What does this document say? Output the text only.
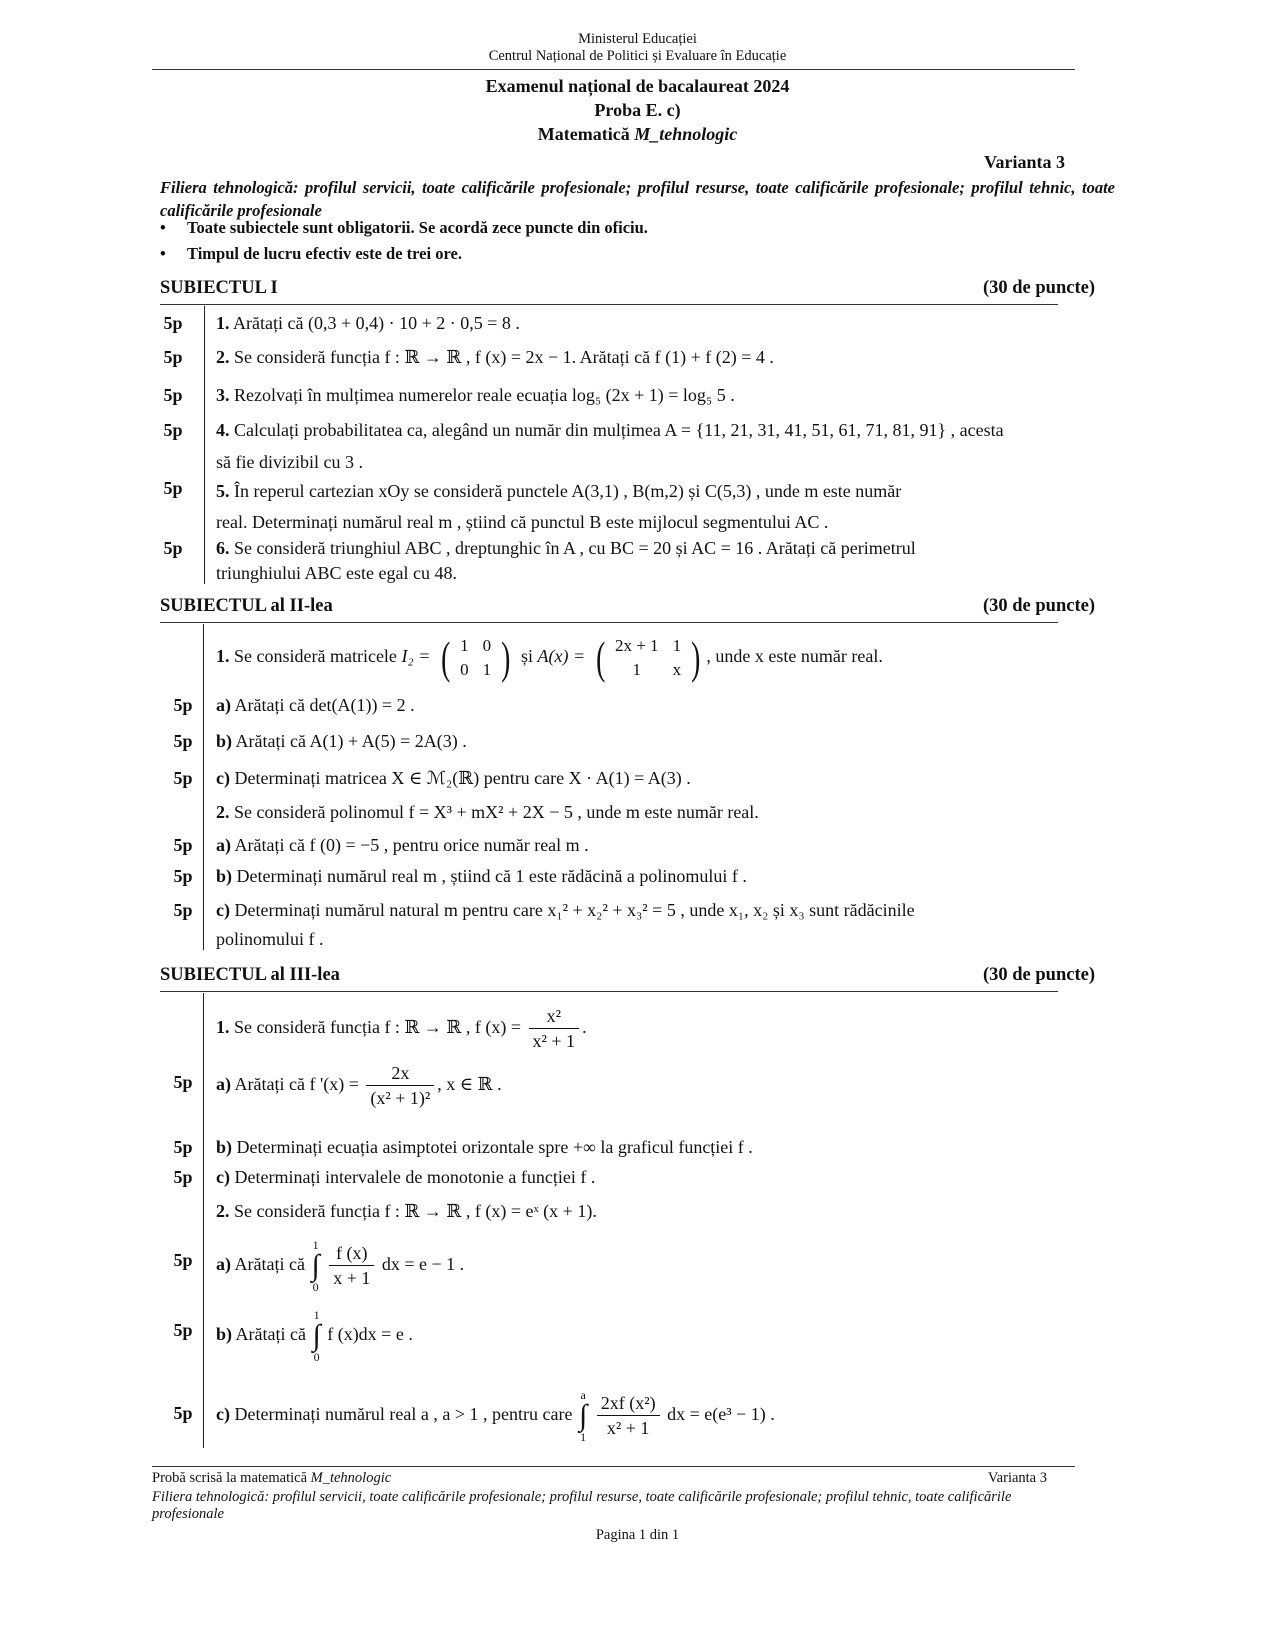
Ministerul Educației
Centrul Național de Politici și Evaluare în Educație
Examenul național de bacalaureat 2024
Proba E. c)
Matematică M_tehnologic
Varianta 3
Filiera tehnologică: profilul servicii, toate calificările profesionale; profilul resurse, toate calificările profesionale; profilul tehnic, toate calificările profesionale
• Toate subiectele sunt obligatorii. Se acordă zece puncte din oficiu.
• Timpul de lucru efectiv este de trei ore.
SUBIECTUL I	(30 de puncte)
5p	1. Arătați că (0,3 + 0,4) · 10 + 2 · 0,5 = 8 .
5p	2. Se consideră funcția f : ℝ → ℝ , f (x) = 2x − 1. Arătați că f (1) + f (2) = 4 .
5p	3. Rezolvați în mulțimea numerelor reale ecuația log₅ (2x + 1) = log₅ 5 .
5p	4. Calculați probabilitatea ca, alegând un număr din mulțimea A = {11, 21, 31, 41, 51, 61, 71, 81, 91} , acesta
să fie divizibil cu 3 .
5p	5. În reperul cartezian xOy se consideră punctele A(3,1) , B(m,2) și C(5,3) , unde m este număr
real. Determinați numărul real m , știind că punctul B este mijlocul segmentului AC .
5p	6. Se consideră triunghiul ABC , dreptunghic în A , cu BC = 20 și AC = 16 . Arătați că perimetrul
triunghiului ABC este egal cu 48.
SUBIECTUL al II-lea	(30 de puncte)
1. Se consideră matricele I₂ = ( 1	0
0	1 ) și A(x) = ( 2x + 1	1
1	x ) , unde x este număr real.
5p	a) Arătați că det(A(1)) = 2 .
5p	b) Arătați că A(1) + A(5) = 2A(3) .
5p	c) Determinați matricea X ∈ ℳ₂(ℝ) pentru care X · A(1) = A(3) .
2. Se consideră polinomul f = X³ + mX² + 2X − 5 , unde m este număr real.
5p	a) Arătați că f (0) = −5 , pentru orice număr real m .
5p	b) Determinați numărul real m , știind că 1 este rădăcină a polinomului f .
5p	c) Determinați numărul natural m pentru care x₁² + x₂² + x₃² = 5 , unde x₁, x₂ și x₃ sunt rădăcinile
polinomului f .
SUBIECTUL al III-lea	(30 de puncte)
1. Se consideră funcția f : ℝ → ℝ , f $(x) = \frac{\text{x²}}{\text{x² + 1}}$ .
5p	a) Arătați că f '$(x) = \frac{2x}{\text{(x² + 1)²}}$ , x ∈ ℝ .
5p	b) Determinați ecuația asimptotei orizontale spre +∞ la graficul funcției f .
5p	c) Determinați intervalele de monotonie a funcției f .
2. Se consideră funcția f : ℝ → ℝ , f (x) = eˣ (x + 1).
5p	a) Arătați că
1
∫
0
$\frac{f (x)}{x + 1}$ dx = e − 1 .
5p	b) Arătați că
1
∫
0
f (x)dx = e .
5p	c) Determinați numărul real a , a > 1 , pentru care
a
∫
1
$\frac{\text{2xf (x²)}}{\text{x² + 1}}$ dx = e(e³ − 1) .
Probă scrisă la matematică M_tehnologic	Varianta 3
Filiera tehnologică: profilul servicii, toate calificările profesionale; profilul resurse, toate calificările profesionale; profilul tehnic, toate calificările profesionale
Pagina 1 din 1
